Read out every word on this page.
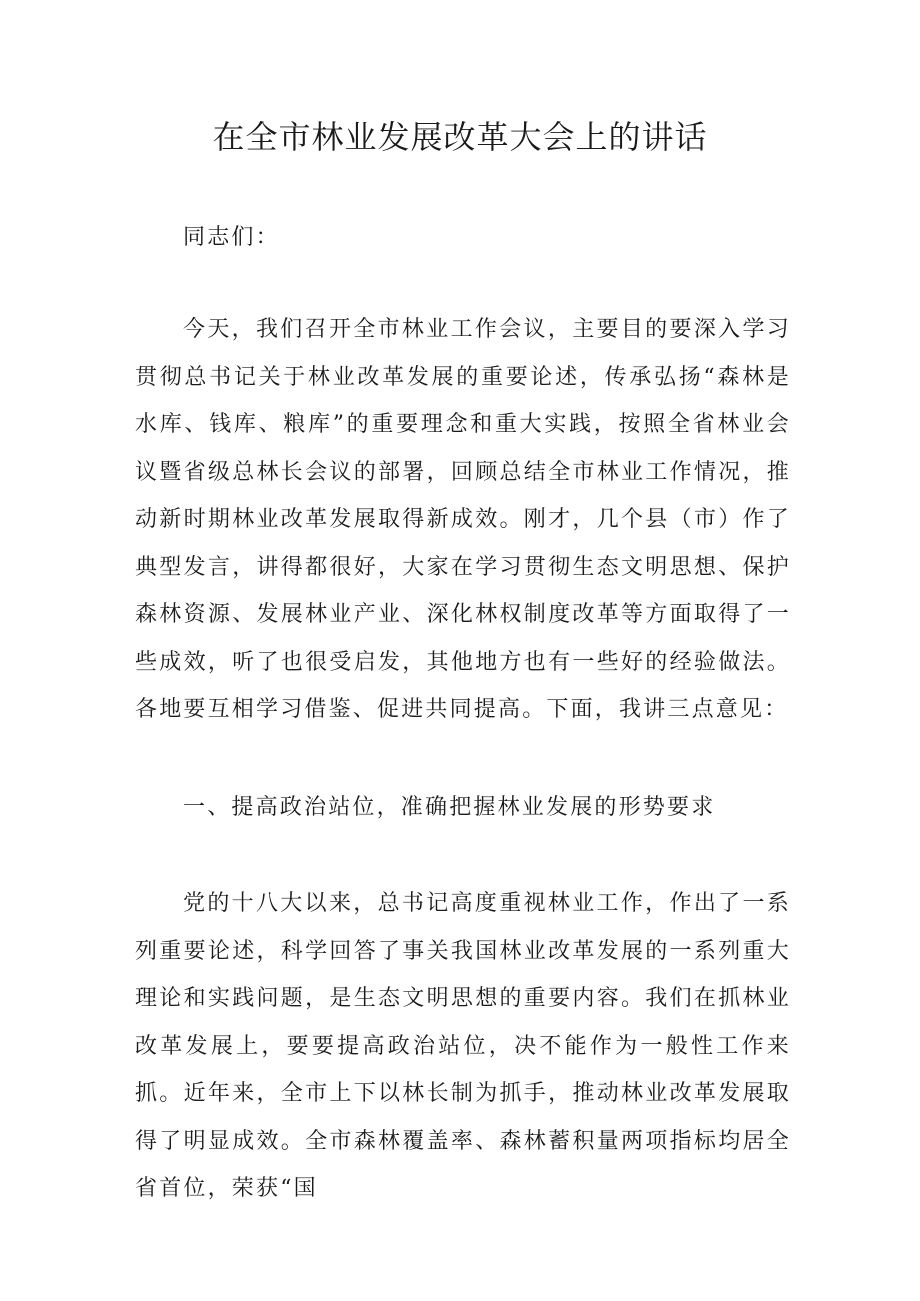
在全市林业发展改革大会上的讲话

同志们：

今天，我们召开全市林业工作会议，主要目的要深入学习贯彻总书记关于林业改革发展的重要论述，传承弘扬“森林是水库、钱库、粮库”的重要理念和重大实践，按照全省林业会议暨省级总林长会议的部署，回顾总结全市林业工作情况，推动新时期林业改革发展取得新成效。刚才，几个县（市）作了典型发言，讲得都很好，大家在学习贯彻生态文明思想、保护森林资源、发展林业产业、深化林权制度改革等方面取得了一些成效，听了也很受启发，其他地方也有一些好的经验做法。各地要互相学习借鉴、促进共同提高。下面，我讲三点意见：

一、提高政治站位，准确把握林业发展的形势要求

党的十八大以来，总书记高度重视林业工作，作出了一系列重要论述，科学回答了事关我国林业改革发展的一系列重大理论和实践问题，是生态文明思想的重要内容。我们在抓林业改革发展上，要要提高政治站位，决不能作为一般性工作来抓。近年来，全市上下以林长制为抓手，推动林业改革发展取得了明显成效。全市森林覆盖率、森林蓄积量两项指标均居全省首位，荣获“国
